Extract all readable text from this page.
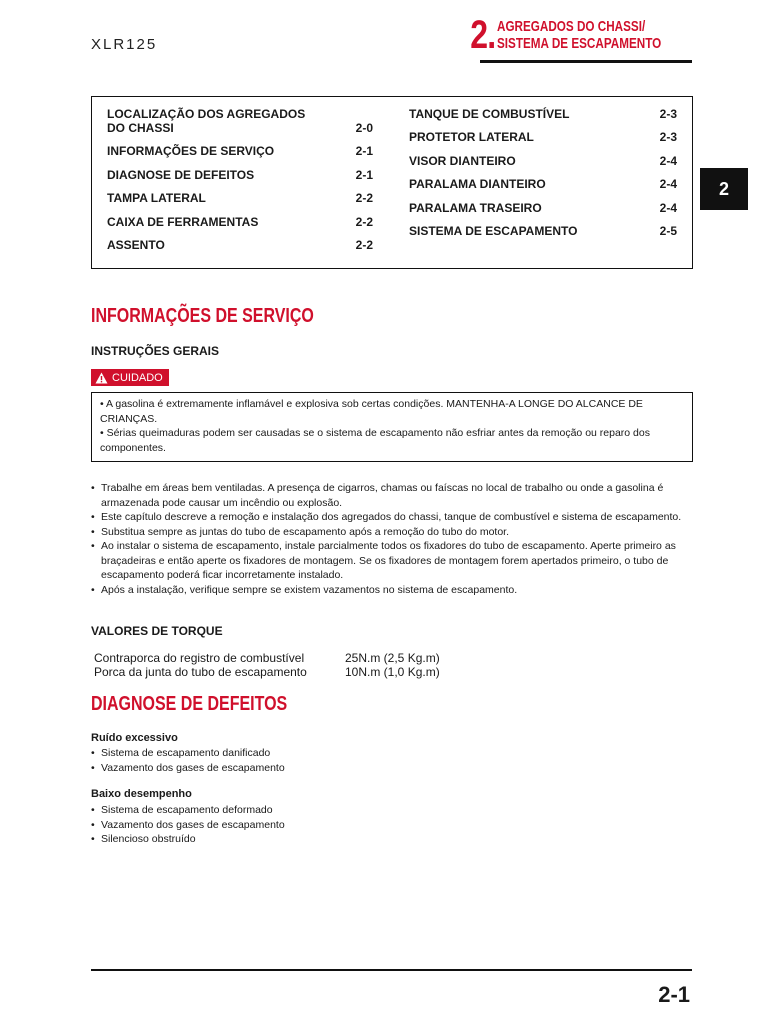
XLR125	2. AGREGADOS DO CHASSI/
SISTEMA DE ESCAPAMENTO
LOCALIZAÇÃO DOS AGREGADOS
DO CHASSI	2-0
INFORMAÇÕES DE SERVIÇO	2-1
DIAGNOSE DE DEFEITOS	2-1
TAMPA LATERAL	2-2
CAIXA DE FERRAMENTAS	2-2
ASSENTO	2-2
TANQUE DE COMBUSTÍVEL	2-3
PROTETOR LATERAL	2-3
VISOR DIANTEIRO	2-4
PARALAMA DIANTEIRO	2-4
PARALAMA TRASEIRO	2-4
SISTEMA DE ESCAPAMENTO	2-5
2
INFORMAÇÕES DE SERVIÇO
INSTRUÇÕES GERAIS
CUIDADO
• A gasolina é extremamente inflamável e explosiva sob certas condições. MANTENHA-A LONGE DO ALCANCE DE CRIANÇAS.
• Sérias queimaduras podem ser causadas se o sistema de escapamento não esfriar antes da remoção ou reparo dos componentes.
• Trabalhe em áreas bem ventiladas. A presença de cigarros, chamas ou faíscas no local de trabalho ou onde a gasolina é armazenada pode causar um incêndio ou explosão.
• Este capítulo descreve a remoção e instalação dos agregados do chassi, tanque de combustível e sistema de escapamento.
• Substitua sempre as juntas do tubo de escapamento após a remoção do tubo do motor.
• Ao instalar o sistema de escapamento, instale parcialmente todos os fixadores do tubo de escapamento. Aperte primeiro as braçadeiras e então aperte os fixadores de montagem. Se os fixadores de montagem forem apertados primeiro, o tubo de escapamento poderá ficar incorretamente instalado.
• Após a instalação, verifique sempre se existem vazamentos no sistema de escapamento.
VALORES DE TORQUE
Contraporca do registro de combustível	25N.m (2,5 Kg.m)
Porca da junta do tubo de escapamento	10N.m (1,0 Kg.m)
DIAGNOSE DE DEFEITOS
Ruído excessivo
• Sistema de escapamento danificado
• Vazamento dos gases de escapamento
Baixo desempenho
• Sistema de escapamento deformado
• Vazamento dos gases de escapamento
• Silencioso obstruído
2-1
